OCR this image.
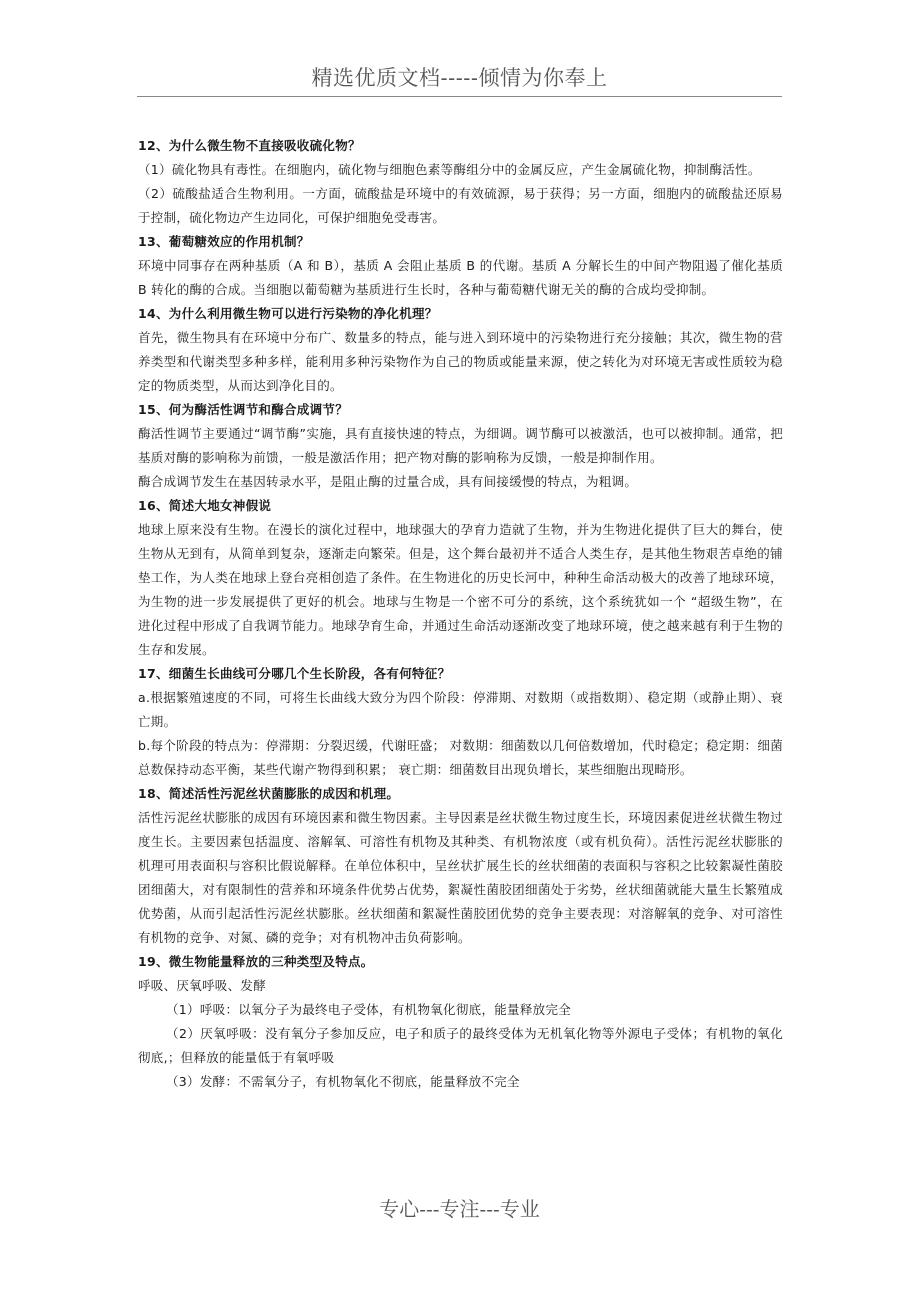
精选优质文档-----倾情为你奉上

12、为什么微生物不直接吸收硫化物？

（1）硫化物具有毒性。在细胞内，硫化物与细胞色素等酶组分中的金属反应，产生金属硫化物，抑制酶活性。

（2）硫酸盐适合生物利用。一方面，硫酸盐是环境中的有效硫源，易于获得；另一方面，细胞内的硫酸盐还原易于控制，硫化物边产生边同化，可保护细胞免受毒害。

13、葡萄糖效应的作用机制？

环境中同事存在两种基质（A 和 B），基质 A 会阻止基质 B 的代谢。基质 A 分解长生的中间产物阻遏了催化基质 B 转化的酶的合成。当细胞以葡萄糖为基质进行生长时，各种与葡萄糖代谢无关的酶的合成均受抑制。

14、为什么利用微生物可以进行污染物的净化机理？

首先，微生物具有在环境中分布广、数量多的特点，能与进入到环境中的污染物进行充分接触；其次，微生物的营养类型和代谢类型多种多样，能利用多种污染物作为自己的物质或能量来源，使之转化为对环境无害或性质较为稳定的物质类型，从而达到净化目的。

15、何为酶活性调节和酶合成调节？

酶活性调节主要通过“调节酶”实施，具有直接快速的特点，为细调。调节酶可以被激活，也可以被抑制。通常，把基质对酶的影响称为前馈，一般是激活作用；把产物对酶的影响称为反馈，一般是抑制作用。

酶合成调节发生在基因转录水平，是阻止酶的过量合成，具有间接缓慢的特点，为粗调。

16、简述大地女神假说

地球上原来没有生物。在漫长的演化过程中，地球强大的孕育力造就了生物，并为生物进化提供了巨大的舞台，使生物从无到有，从简单到复杂，逐渐走向繁荣。但是，这个舞台最初并不适合人类生存，是其他生物艰苦卓绝的铺垫工作，为人类在地球上登台亮相创造了条件。在生物进化的历史长河中，种种生命活动极大的改善了地球环境，为生物的进一步发展提供了更好的机会。地球与生物是一个密不可分的系统，这个系统犹如一个 “超级生物”，在进化过程中形成了自我调节能力。地球孕育生命，并通过生命活动逐渐改变了地球环境，使之越来越有利于生物的生存和发展。

17、细菌生长曲线可分哪几个生长阶段，各有何特征？

a.根据繁殖速度的不同，可将生长曲线大致分为四个阶段：停滞期、对数期（或指数期）、稳定期（或静止期）、衰亡期。

b.每个阶段的特点为：停滞期：分裂迟缓，代谢旺盛； 对数期：细菌数以几何倍数增加，代时稳定；稳定期：细菌总数保持动态平衡，某些代谢产物得到积累； 衰亡期：细菌数目出现负增长，某些细胞出现畸形。

18、简述活性污泥丝状菌膨胀的成因和机理。

活性污泥丝状膨胀的成因有环境因素和微生物因素。主导因素是丝状微生物过度生长，环境因素促进丝状微生物过度生长。主要因素包括温度、溶解氧、可溶性有机物及其种类、有机物浓度（或有机负荷）。活性污泥丝状膨胀的机理可用表面积与容积比假说解释。在单位体积中，呈丝状扩展生长的丝状细菌的表面积与容积之比较絮凝性菌胶团细菌大，对有限制性的营养和环境条件优势占优势，絮凝性菌胶团细菌处于劣势，丝状细菌就能大量生长繁殖成优势菌，从而引起活性污泥丝状膨胀。丝状细菌和絮凝性菌胶团优势的竞争主要表现：对溶解氧的竞争、对可溶性有机物的竞争、对氮、磷的竞争；对有机物冲击负荷影响。

19、微生物能量释放的三种类型及特点。

呼吸、厌氧呼吸、发酵

（1）呼吸：以氧分子为最终电子受体，有机物氧化彻底，能量释放完全

（2）厌氧呼吸：没有氧分子参加反应，电子和质子的最终受体为无机氧化物等外源电子受体；有机物的氧化彻底,；但释放的能量低于有氧呼吸

（3）发酵：不需氧分子，有机物氧化不彻底，能量释放不完全

专心---专注---专业
